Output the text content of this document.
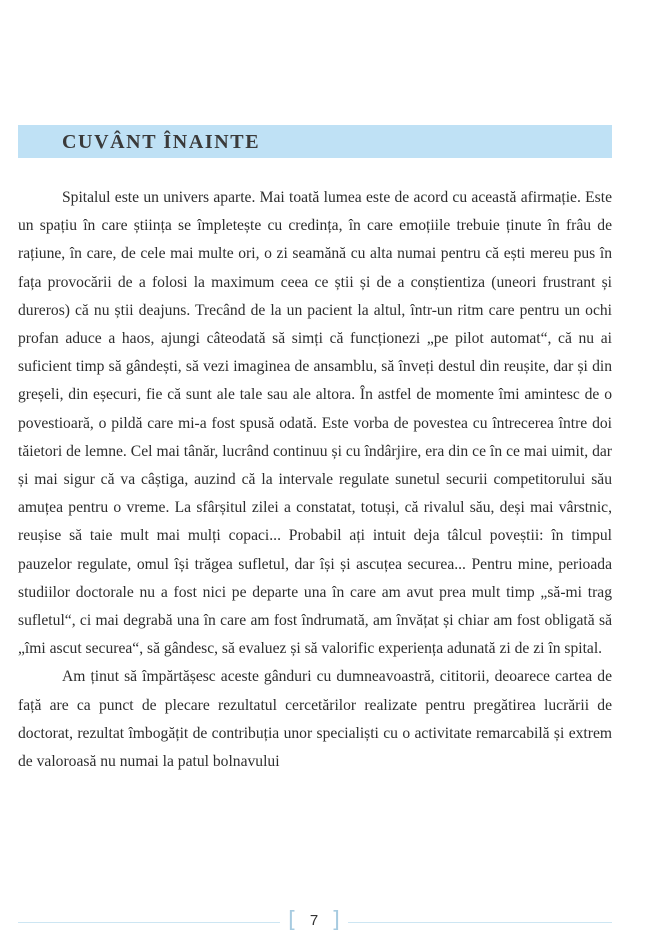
CUVÂNT ÎNAINTE

Spitalul este un univers aparte. Mai toată lumea este de acord cu această afirmație. Este un spațiu în care știința se împletește cu credința, în care emoțiile trebuie ținute în frâu de rațiune, în care, de cele mai multe ori, o zi seamănă cu alta numai pentru că ești mereu pus în fața provocării de a folosi la maximum ceea ce știi și de a conștientiza (uneori frustrant și dureros) că nu știi deajuns. Trecând de la un pacient la altul, într-un ritm care pentru un ochi profan aduce a haos, ajungi câteodată să simți că funcționezi „pe pilot automat“, că nu ai suficient timp să gândești, să vezi imaginea de ansamblu, să înveți destul din reușite, dar și din greșeli, din eșecuri, fie că sunt ale tale sau ale altora. În astfel de momente îmi amintesc de o povestioară, o pildă care mi-a fost spusă odată. Este vorba de povestea cu întrecerea între doi tăietori de lemne. Cel mai tânăr, lucrând continuu și cu îndârjire, era din ce în ce mai uimit, dar și mai sigur că va câștiga, auzind că la intervale regulate sunetul securii competitorului său amuțea pentru o vreme. La sfârșitul zilei a constatat, totuși, că rivalul său, deși mai vârstnic, reușise să taie mult mai mulți copaci... Probabil ați intuit deja tâlcul poveștii: în timpul pauzelor regulate, omul își trăgea sufletul, dar își și ascuțea securea... Pentru mine, perioada studiilor doctorale nu a fost nici pe departe una în care am avut prea mult timp „să-mi trag sufletul“, ci mai degrabă una în care am fost îndrumată, am învățat și chiar am fost obligată să „îmi ascut securea“, să gândesc, să evaluez și să valorific experiența adunată zi de zi în spital.

Am ținut să împărtășesc aceste gânduri cu dumneavoastră, cititorii, deoarece cartea de față are ca punct de plecare rezultatul cercetărilor realizate pentru pregătirea lucrării de doctorat, rezultat îmbogățit de contribuția unor specialiști cu o activitate remarcabilă și extrem de valoroasă nu numai la patul bolnavului

[ 7 ]
